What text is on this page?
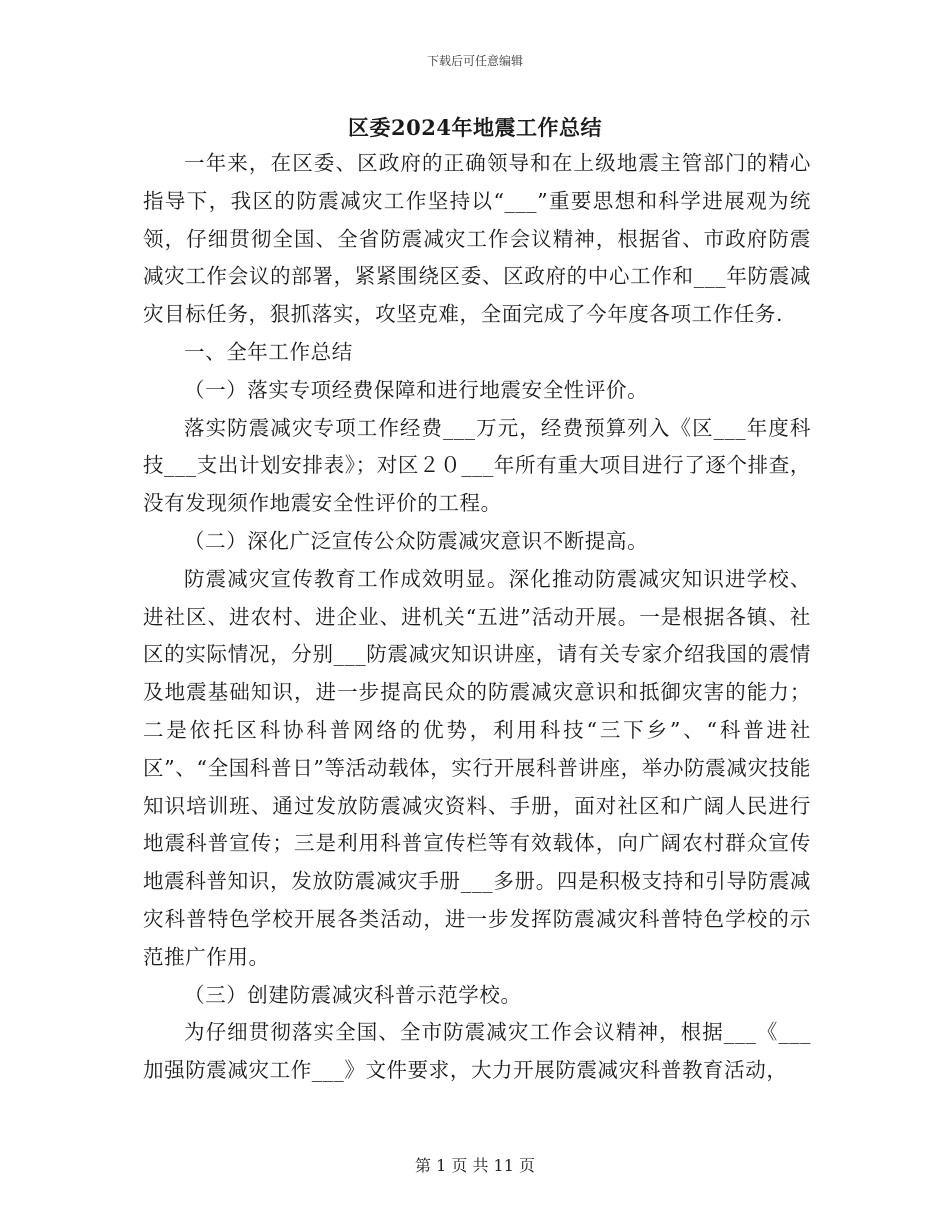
下载后可任意编辑
区委2024年地震工作总结

一年来，在区委、区政府的正确领导和在上级地震主管部门的精心指导下，我区的防震减灾工作坚持以“___”重要思想和科学进展观为统领，仔细贯彻全国、全省防震减灾工作会议精神，根据省、市政府防震减灾工作会议的部署，紧紧围绕区委、区政府的中心工作和___年防震减灾目标任务，狠抓落实，攻坚克难，全面完成了今年度各项工作任务.

一、全年工作总结

（一）落实专项经费保障和进行地震安全性评价。

落实防震减灾专项工作经费___万元，经费预算列入《区___年度科技___支出计划安排表》；对区２０___年所有重大项目进行了逐个排查，没有发现须作地震安全性评价的工程。

（二）深化广泛宣传公众防震减灾意识不断提高。

防震减灾宣传教育工作成效明显。深化推动防震减灾知识进学校、进社区、进农村、进企业、进机关“五进”活动开展。一是根据各镇、社区的实际情况，分别___防震减灾知识讲座，请有关专家介绍我国的震情及地震基础知识，进一步提高民众的防震减灾意识和抵御灾害的能力；二是依托区科协科普网络的优势，利用科技“三下乡”、“科普进社区”、“全国科普日”等活动载体，实行开展科普讲座，举办防震减灾技能知识培训班、通过发放防震减灾资料、手册，面对社区和广阔人民进行地震科普宣传；三是利用科普宣传栏等有效载体，向广阔农村群众宣传地震科普知识，发放防震减灾手册___多册。四是积极支持和引导防震减灾科普特色学校开展各类活动，进一步发挥防震减灾科普特色学校的示范推广作用。

（三）创建防震减灾科普示范学校。

为仔细贯彻落实全国、全市防震减灾工作会议精神，根据___《___加强防震减灾工作___》文件要求，大力开展防震减灾科普教育活动，

第 1 页 共 11 页
